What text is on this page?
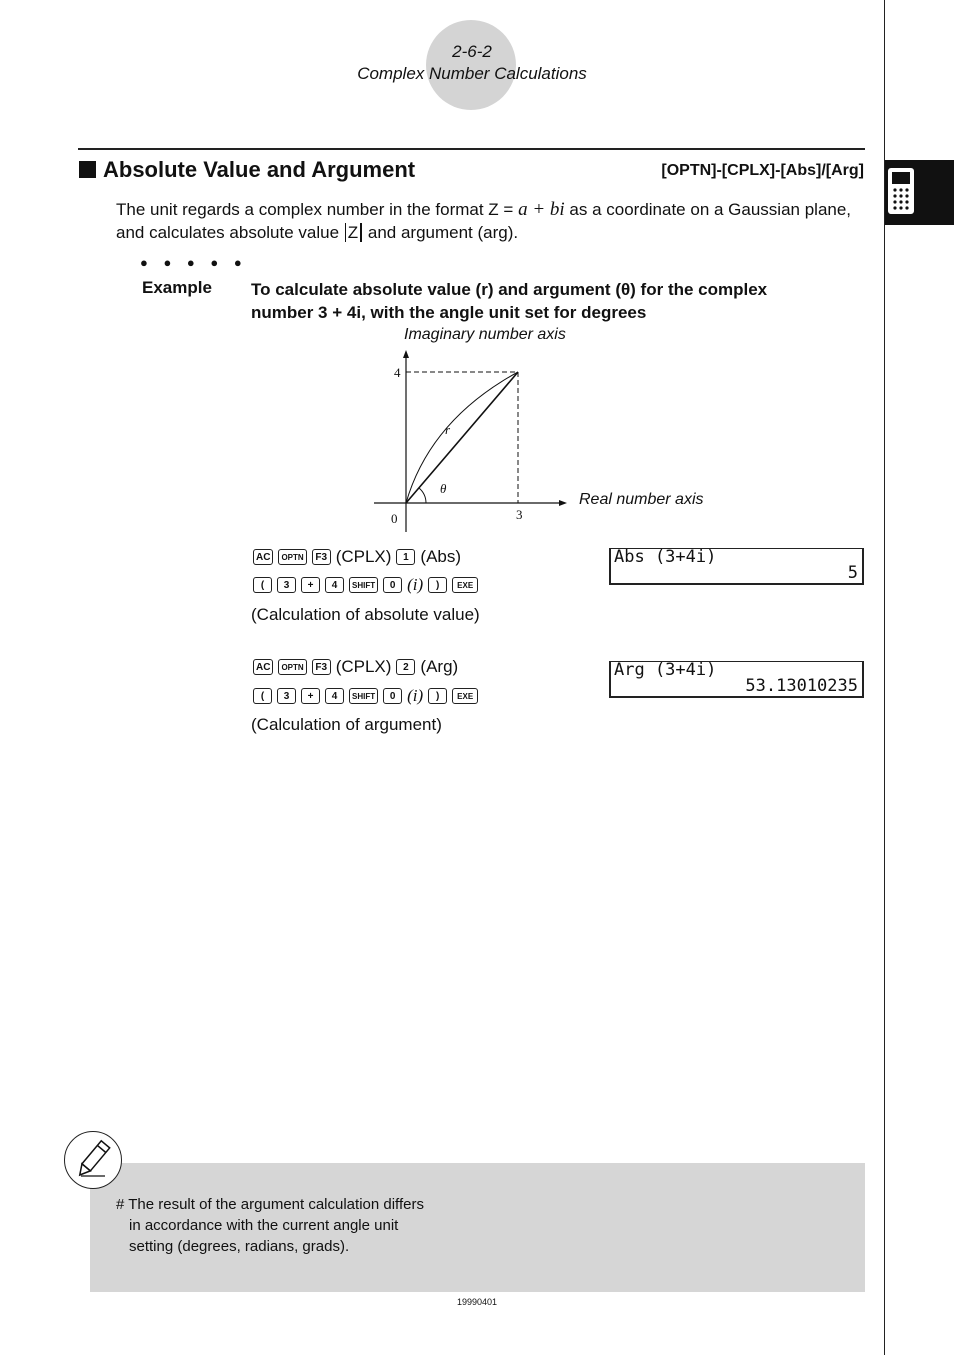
2-6-2
Complex Number Calculations
Absolute Value and Argument	[OPTN]-[CPLX]-[Abs]/[Arg]
The unit regards a complex number in the format Z = a + bi as a coordinate on a Gaussian plane, and calculates absolute value Z and argument (arg).
● ● ● ● ●
Example To calculate absolute value (r) and argument (θ) for the complex
number 3 + 4i, with the angle unit set for degrees
Imaginary number axis
Real number axis
4
3
0
r
θ
AC	OPTN	F3 (CPLX)	1 (Abs)
(	3	+	4	SHIFT	0 (i)	)	EXE
(Calculation of absolute value)
Abs (3+4i)
5
AC	OPTN	F3 (CPLX)	2 (Arg)
(	3	+	4	SHIFT	0 (i)	)	EXE
(Calculation of argument)
Arg (3+4i)
53.13010235
# The result of the argument calculation differs
in accordance with the current angle unit
setting (degrees, radians, grads).
19990401
